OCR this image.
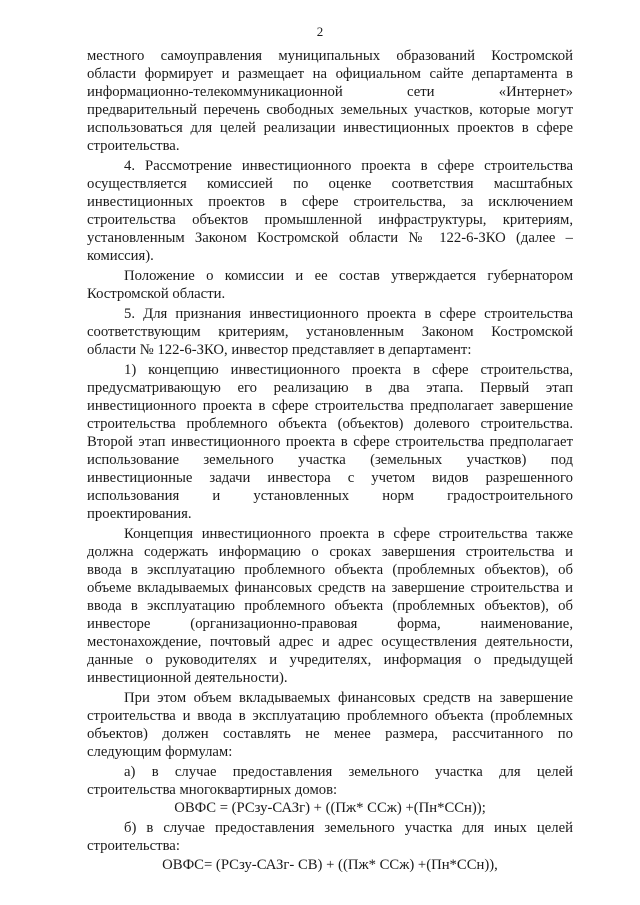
2
местного самоуправления муниципальных образований Костромской
области формирует и размещает на официальном сайте департамента в
информационно-телекоммуникационной сети «Интернет»
предварительный перечень свободных земельных участков, которые могут
использоваться для целей реализации инвестиционных проектов в сфере
строительства.
4. Рассмотрение инвестиционного проекта в сфере строительства
осуществляется комиссией по оценке соответствия масштабных
инвестиционных проектов в сфере строительства, за исключением
строительства объектов промышленной инфраструктуры, критериям,
установленным Законом Костромской области № 122-6-ЗКО (далее –
комиссия).
Положение о комиссии и ее состав утверждается губернатором
Костромской области.
5. Для признания инвестиционного проекта в сфере строительства
соответствующим критериям, установленным Законом Костромской
области № 122-6-ЗКО, инвестор представляет в департамент:
1) концепцию инвестиционного проекта в сфере строительства,
предусматривающую его реализацию в два этапа. Первый этап
инвестиционного проекта в сфере строительства предполагает завершение
строительства проблемного объекта (объектов) долевого строительства.
Второй этап инвестиционного проекта в сфере строительства предполагает
использование земельного участка (земельных участков) под
инвестиционные задачи инвестора с учетом видов разрешенного
использования и установленных норм градостроительного
проектирования.
Концепция инвестиционного проекта в сфере строительства также
должна содержать информацию о сроках завершения строительства и
ввода в эксплуатацию проблемного объекта (проблемных объектов), об
объеме вкладываемых финансовых средств на завершение строительства и
ввода в эксплуатацию проблемного объекта (проблемных объектов), об
инвесторе (организационно-правовая форма, наименование,
местонахождение, почтовый адрес и адрес осуществления деятельности,
данные о руководителях и учредителях, информация о предыдущей
инвестиционной деятельности).
При этом объем вкладываемых финансовых средств на завершение
строительства и ввода в эксплуатацию проблемного объекта (проблемных
объектов) должен составлять не менее размера, рассчитанного по
следующим формулам:
а) в случае предоставления земельного участка для целей
строительства многоквартирных домов:
ОВФС = (РСзу-САЗг) + ((Пж* ССж) +(Пн*ССн));
б) в случае предоставления земельного участка для иных целей
строительства:
ОВФС= (РСзу-САЗг- СВ) + ((Пж* ССж) +(Пн*ССн)),
